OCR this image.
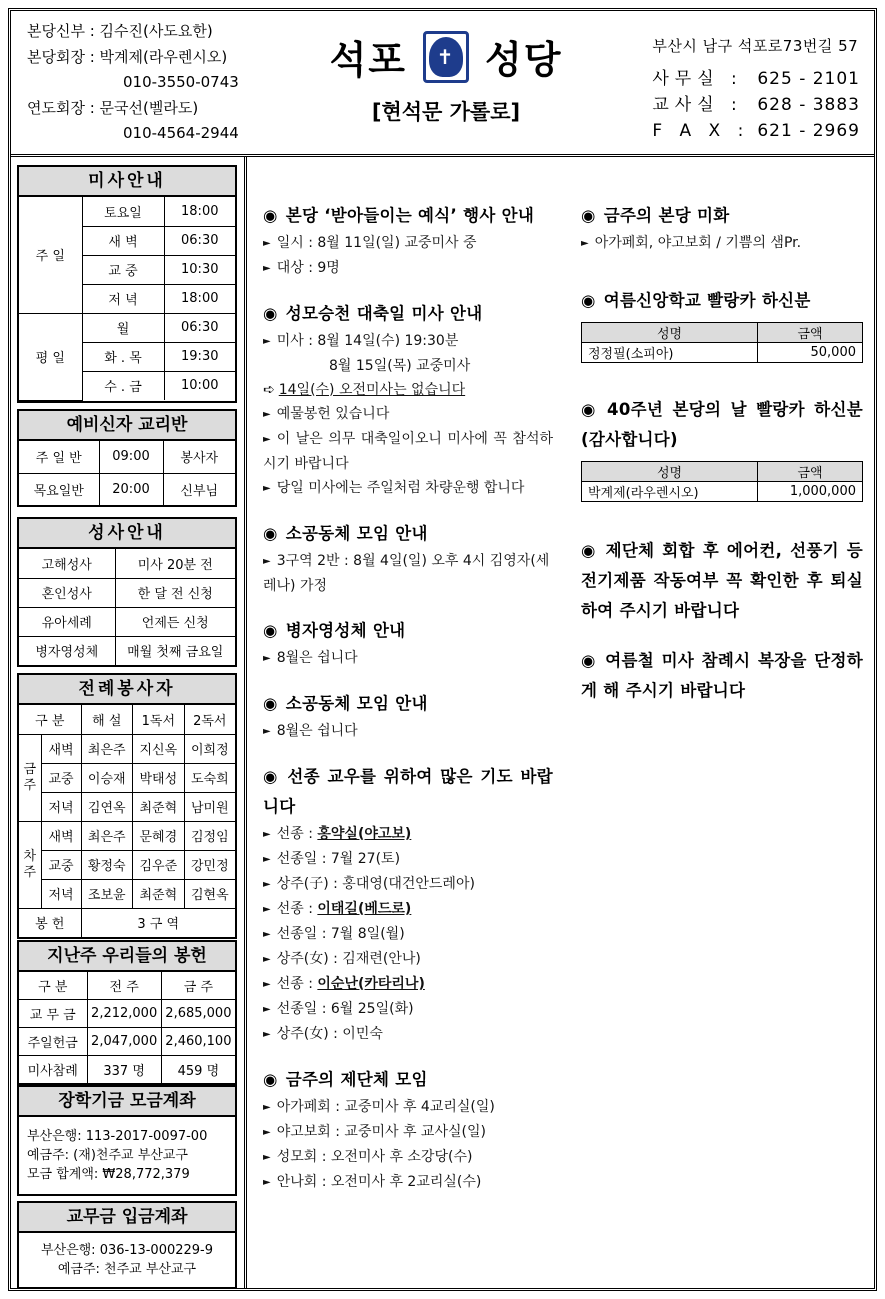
본당신부 : 김수진(사도요한)
본당회장 : 박계제(라우렌시오)
010-3550-0743
연도회장 : 문국선(벨라도)
010-4564-2944
석포	✝ 성당
[현석문 가롤로]
부산시 남구 석포로73번길 57
사무실 : 625 - 2101
교사실 : 628 - 3883
F A X : 621 - 2969
미사안내
주 일	토요일	18:00
	새 벽	06:30
	교 중	10:30
	저 녁	18:00
평 일	월	06:30
	화 . 목	19:30
	수 . 금	10:00
예비신자 교리반
주 일 반	09:00	봉사자
목요일반	20:00	신부님
성사안내
고해성사	미사 20분 전
혼인성사	한 달 전 신청
유아세례	언제든 신청
병자영성체	매월 첫째 금요일
전례봉사자
구 분		해 설	1독서	2독서
금주	새벽	최은주	지신옥	이희정
	교중	이승재	박태성	도숙희
	저녁	김연옥	최준혁	남미원
차주	새벽	최은주	문혜경	김정임
	교중	황정숙	김우준	강민정
	저녁	조보윤	최준혁	김현옥
봉 헌		3 구 역		
지난주 우리들의 봉헌
구 분	전 주	금 주
교 무 금	2,212,000	2,685,000
주일헌금	2,047,000	2,460,100
미사참례	337 명	459 명
장학기금 모금계좌
부산은행: 113-2017-0097-00
예금주: (재)천주교 부산교구
모금 합계액: ₩28,772,379
교무금 입금계좌
부산은행: 036-13-000229-9
예금주: 천주교 부산교구
◉ 본당 ‘받아들이는 예식’ 행사 안내
► 일시 : 8월 11일(일) 교중미사 중
► 대상 : 9명
◉ 성모승천 대축일 미사 안내
► 미사 : 8월 14일(수) 19:30분
8월 15일(목) 교중미사
➪ 14일(수) 오전미사는 없습니다
► 예물봉헌 있습니다
► 이 날은 의무 대축일이오니 미사에 꼭 참석하시기 바랍니다
► 당일 미사에는 주일처럼 차량운행 합니다
◉ 소공동체 모임 안내
► 3구역 2반 : 8월 4일(일) 오후 4시 김영자(세레나) 가정
◉ 병자영성체 안내
► 8월은 쉽니다
◉ 소공동체 모임 안내
► 8월은 쉽니다
◉ 선종 교우를 위하여 많은 기도 바랍니다
► 선종 : 홍약실(야고보)
► 선종일 : 7월 27(토)
► 상주(子) : 홍대영(대건안드레아)
► 선종 : 이태길(베드로)
► 선종일 : 7월 8일(월)
► 상주(女) : 김재련(안나)
► 선종 : 이순난(카타리나)
► 선종일 : 6월 25일(화)
► 상주(女) : 이민숙
◉ 금주의 제단체 모임
► 아가페회 : 교중미사 후 4교리실(일)
► 야고보회 : 교중미사 후 교사실(일)
► 성모회 : 오전미사 후 소강당(수)
► 안나회 : 오전미사 후 2교리실(수)
◉ 금주의 본당 미화
► 아가페회, 야고보회 / 기쁨의 샘Pr.
◉ 여름신앙학교 빨랑카 하신분
성명	금액
정정필(소피아)	50,000
◉ 40주년 본당의 날 빨랑카 하신분(감사합니다)
성명	금액
박계제(라우렌시오)	1,000,000
◉ 제단체 회합 후 에어컨, 선풍기 등 전기제품 작동여부 꼭 확인한 후 퇴실하여 주시기 바랍니다
◉ 여름철 미사 참례시 복장을 단정하게 해 주시기 바랍니다
